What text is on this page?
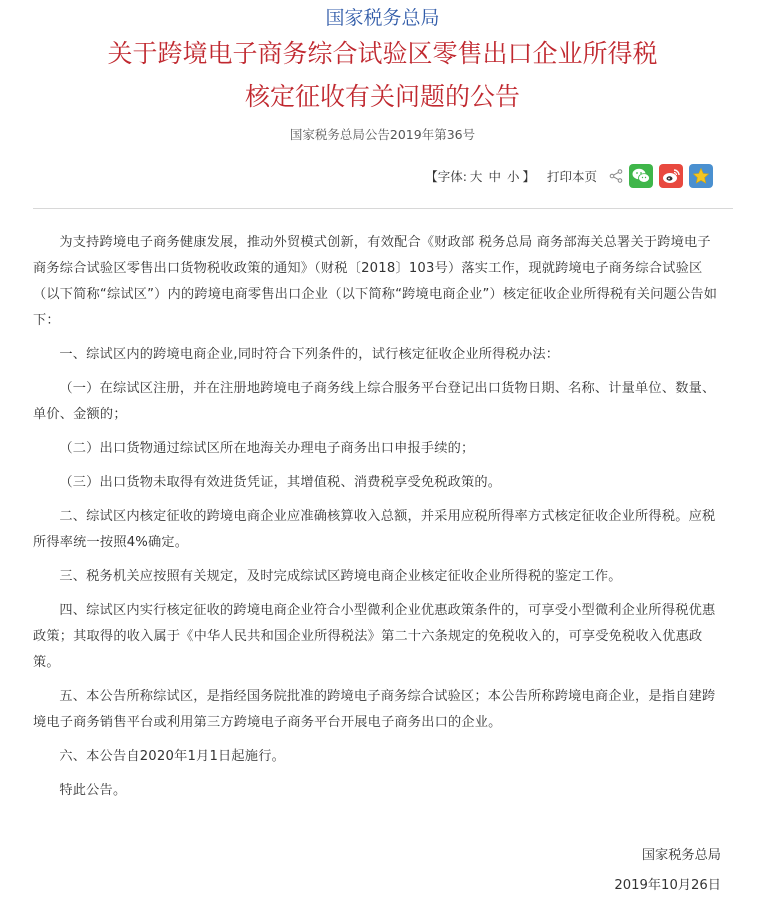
国家税务总局
关于跨境电子商务综合试验区零售出口企业所得税
核定征收有关问题的公告
国家税务总局公告2019年第36号
【字体: 大 中 小 】 打印本页

为支持跨境电子商务健康发展，推动外贸模式创新，有效配合《财政部 税务总局 商务部海关总署关于跨境电子商务综合试验区零售出口货物税收政策的通知》（财税〔2018〕103号）落实工作，现就跨境电子商务综合试验区（以下简称“综试区”）内的跨境电商零售出口企业（以下简称“跨境电商企业”）核定征收企业所得税有关问题公告如下：

一、综试区内的跨境电商企业,同时符合下列条件的，试行核定征收企业所得税办法：

（一）在综试区注册，并在注册地跨境电子商务线上综合服务平台登记出口货物日期、名称、计量单位、数量、单价、金额的；

（二）出口货物通过综试区所在地海关办理电子商务出口申报手续的；

（三）出口货物未取得有效进货凭证，其增值税、消费税享受免税政策的。

二、综试区内核定征收的跨境电商企业应准确核算收入总额，并采用应税所得率方式核定征收企业所得税。应税所得率统一按照4%确定。

三、税务机关应按照有关规定，及时完成综试区跨境电商企业核定征收企业所得税的鉴定工作。

四、综试区内实行核定征收的跨境电商企业符合小型微利企业优惠政策条件的，可享受小型微利企业所得税优惠政策；其取得的收入属于《中华人民共和国企业所得税法》第二十六条规定的免税收入的，可享受免税收入优惠政策。

五、本公告所称综试区，是指经国务院批准的跨境电子商务综合试验区；本公告所称跨境电商企业，是指自建跨境电子商务销售平台或利用第三方跨境电子商务平台开展电子商务出口的企业。

六、本公告自2020年1月1日起施行。

特此公告。

国家税务总局
2019年10月26日
